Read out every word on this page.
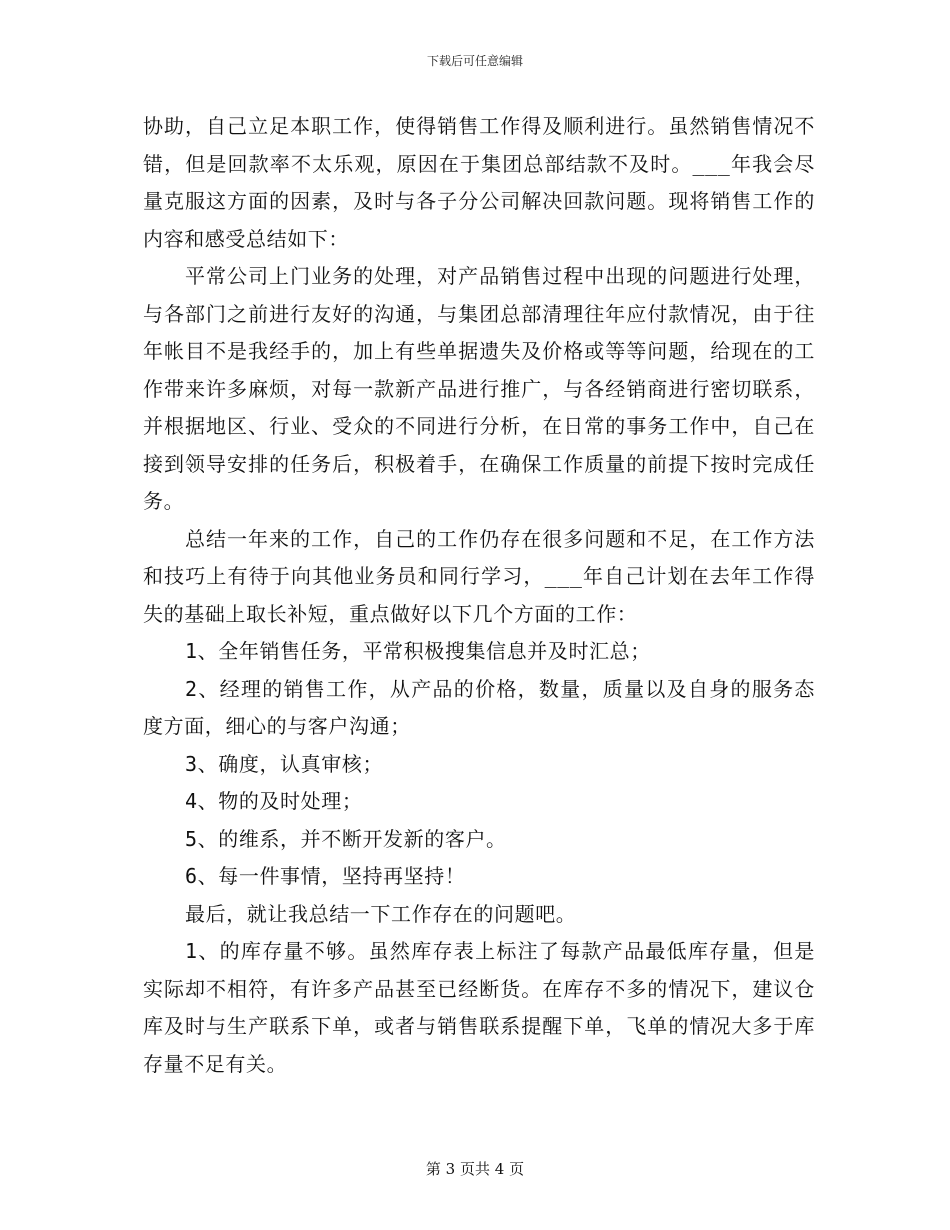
下载后可任意编辑

协助，自己立足本职工作，使得销售工作得及顺利进行。虽然销售情况不错，但是回款率不太乐观，原因在于集团总部结款不及时。___年我会尽量克服这方面的因素，及时与各子分公司解决回款问题。现将销售工作的内容和感受总结如下：

平常公司上门业务的处理，对产品销售过程中出现的问题进行处理，与各部门之前进行友好的沟通，与集团总部清理往年应付款情况，由于往年帐目不是我经手的，加上有些单据遗失及价格或等等问题，给现在的工作带来许多麻烦，对每一款新产品进行推广，与各经销商进行密切联系，并根据地区、行业、受众的不同进行分析，在日常的事务工作中，自己在接到领导安排的任务后，积极着手，在确保工作质量的前提下按时完成任务。

总结一年来的工作，自己的工作仍存在很多问题和不足，在工作方法和技巧上有待于向其他业务员和同行学习，___年自己计划在去年工作得失的基础上取长补短，重点做好以下几个方面的工作：

1、全年销售任务，平常积极搜集信息并及时汇总；

2、经理的销售工作，从产品的价格，数量，质量以及自身的服务态度方面，细心的与客户沟通；

3、确度，认真审核；

4、物的及时处理；

5、的维系，并不断开发新的客户。

6、每一件事情，坚持再坚持！

最后，就让我总结一下工作存在的问题吧。

1、的库存量不够。虽然库存表上标注了每款产品最低库存量，但是实际却不相符，有许多产品甚至已经断货。在库存不多的情况下，建议仓库及时与生产联系下单，或者与销售联系提醒下单，飞单的情况大多于库存量不足有关。

第 3 页共 4 页
